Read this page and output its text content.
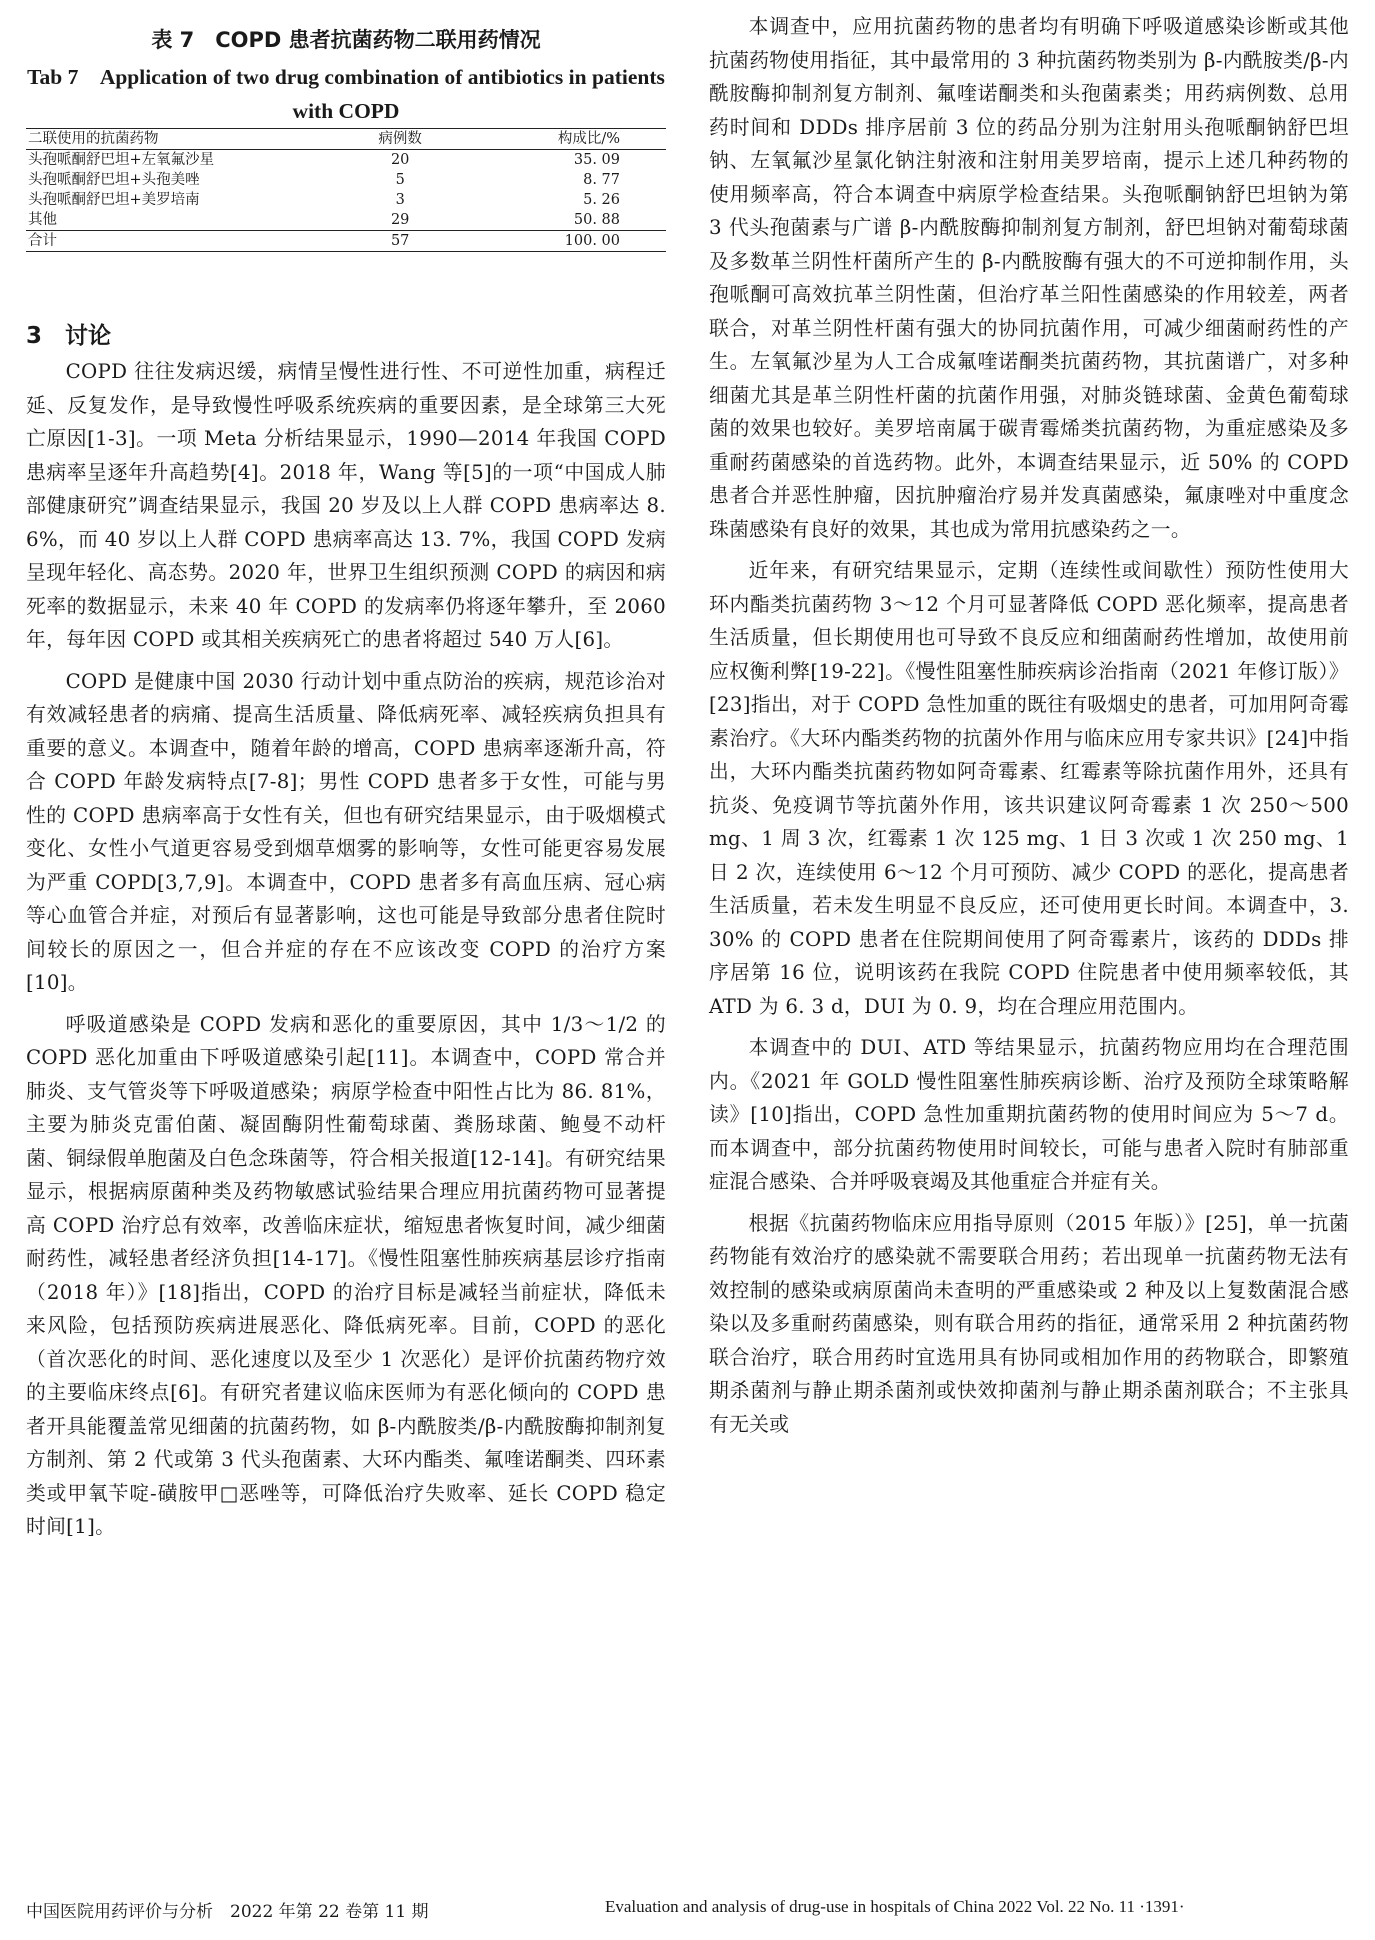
表 7　COPD 患者抗菌药物二联用药情况
Tab 7　Application of two drug combination of antibiotics in patients with COPD
二联使用的抗菌药物	病例数	构成比/%
头孢哌酮舒巴坦+左氧氟沙星	20	35. 09
头孢哌酮舒巴坦+头孢美唑	5	8. 77
头孢哌酮舒巴坦+美罗培南	3	5. 26
其他	29	50. 88
合计	57	100. 00
3　讨论

COPD 往往发病迟缓，病情呈慢性进行性、不可逆性加重，病程迁延、反复发作，是导致慢性呼吸系统疾病的重要因素，是全球第三大死亡原因[1-3]。一项 Meta 分析结果显示，1990—2014 年我国 COPD 患病率呈逐年升高趋势[4]。2018 年，Wang 等[5]的一项“中国成人肺部健康研究”调查结果显示，我国 20 岁及以上人群 COPD 患病率达 8. 6%，而 40 岁以上人群 COPD 患病率高达 13. 7%，我国 COPD 发病呈现年轻化、高态势。2020 年，世界卫生组织预测 COPD 的病因和病死率的数据显示，未来 40 年 COPD 的发病率仍将逐年攀升，至 2060 年，每年因 COPD 或其相关疾病死亡的患者将超过 540 万人[6]。

COPD 是健康中国 2030 行动计划中重点防治的疾病，规范诊治对有效减轻患者的病痛、提高生活质量、降低病死率、减轻疾病负担具有重要的意义。本调查中，随着年龄的增高，COPD 患病率逐渐升高，符合 COPD 年龄发病特点[7-8]；男性 COPD 患者多于女性，可能与男性的 COPD 患病率高于女性有关，但也有研究结果显示，由于吸烟模式变化、女性小气道更容易受到烟草烟雾的影响等，女性可能更容易发展为严重 COPD[3,7,9]。本调查中，COPD 患者多有高血压病、冠心病等心血管合并症，对预后有显著影响，这也可能是导致部分患者住院时间较长的原因之一，但合并症的存在不应该改变 COPD 的治疗方案[10]。

呼吸道感染是 COPD 发病和恶化的重要原因，其中 1/3～1/2 的 COPD 恶化加重由下呼吸道感染引起[11]。本调查中，COPD 常合并肺炎、支气管炎等下呼吸道感染；病原学检查中阳性占比为 86. 81%，主要为肺炎克雷伯菌、凝固酶阴性葡萄球菌、粪肠球菌、鲍曼不动杆菌、铜绿假单胞菌及白色念珠菌等，符合相关报道[12-14]。有研究结果显示，根据病原菌种类及药物敏感试验结果合理应用抗菌药物可显著提高 COPD 治疗总有效率，改善临床症状，缩短患者恢复时间，减少细菌耐药性，减轻患者经济负担[14-17]。《慢性阻塞性肺疾病基层诊疗指南（2018 年）》[18]指出，COPD 的治疗目标是减轻当前症状，降低未来风险，包括预防疾病进展恶化、降低病死率。目前，COPD 的恶化（首次恶化的时间、恶化速度以及至少 1 次恶化）是评价抗菌药物疗效的主要临床终点[6]。有研究者建议临床医师为有恶化倾向的 COPD 患者开具能覆盖常见细菌的抗菌药物，如 β-内酰胺类/β-内酰胺酶抑制剂复方制剂、第 2 代或第 3 代头孢菌素、大环内酯类、氟喹诺酮类、四环素类或甲氧苄啶-磺胺甲□恶唑等，可降低治疗失败率、延长 COPD 稳定时间[1]。

本调查中，应用抗菌药物的患者均有明确下呼吸道感染诊断或其他抗菌药物使用指征，其中最常用的 3 种抗菌药物类别为 β-内酰胺类/β-内酰胺酶抑制剂复方制剂、氟喹诺酮类和头孢菌素类；用药病例数、总用药时间和 DDDs 排序居前 3 位的药品分别为注射用头孢哌酮钠舒巴坦钠、左氧氟沙星氯化钠注射液和注射用美罗培南，提示上述几种药物的使用频率高，符合本调查中病原学检查结果。头孢哌酮钠舒巴坦钠为第 3 代头孢菌素与广谱 β-内酰胺酶抑制剂复方制剂，舒巴坦钠对葡萄球菌及多数革兰阴性杆菌所产生的 β-内酰胺酶有强大的不可逆抑制作用，头孢哌酮可高效抗革兰阴性菌，但治疗革兰阳性菌感染的作用较差，两者联合，对革兰阴性杆菌有强大的协同抗菌作用，可减少细菌耐药性的产生。左氧氟沙星为人工合成氟喹诺酮类抗菌药物，其抗菌谱广，对多种细菌尤其是革兰阴性杆菌的抗菌作用强，对肺炎链球菌、金黄色葡萄球菌的效果也较好。美罗培南属于碳青霉烯类抗菌药物，为重症感染及多重耐药菌感染的首选药物。此外，本调查结果显示，近 50% 的 COPD 患者合并恶性肿瘤，因抗肿瘤治疗易并发真菌感染，氟康唑对中重度念珠菌感染有良好的效果，其也成为常用抗感染药之一。

近年来，有研究结果显示，定期（连续性或间歇性）预防性使用大环内酯类抗菌药物 3～12 个月可显著降低 COPD 恶化频率，提高患者生活质量，但长期使用也可导致不良反应和细菌耐药性增加，故使用前应权衡利弊[19-22]。《慢性阻塞性肺疾病诊治指南（2021 年修订版）》[23]指出，对于 COPD 急性加重的既往有吸烟史的患者，可加用阿奇霉素治疗。《大环内酯类药物的抗菌外作用与临床应用专家共识》[24]中指出，大环内酯类抗菌药物如阿奇霉素、红霉素等除抗菌作用外，还具有抗炎、免疫调节等抗菌外作用，该共识建议阿奇霉素 1 次 250～500 mg、1 周 3 次，红霉素 1 次 125 mg、1 日 3 次或 1 次 250 mg、1 日 2 次，连续使用 6～12 个月可预防、减少 COPD 的恶化，提高患者生活质量，若未发生明显不良反应，还可使用更长时间。本调查中，3. 30% 的 COPD 患者在住院期间使用了阿奇霉素片，该药的 DDDs 排序居第 16 位，说明该药在我院 COPD 住院患者中使用频率较低，其 ATD 为 6. 3 d，DUI 为 0. 9，均在合理应用范围内。

本调查中的 DUI、ATD 等结果显示，抗菌药物应用均在合理范围内。《2021 年 GOLD 慢性阻塞性肺疾病诊断、治疗及预防全球策略解读》[10]指出，COPD 急性加重期抗菌药物的使用时间应为 5～7 d。而本调查中，部分抗菌药物使用时间较长，可能与患者入院时有肺部重症混合感染、合并呼吸衰竭及其他重症合并症有关。

根据《抗菌药物临床应用指导原则（2015 年版）》[25]，单一抗菌药物能有效治疗的感染就不需要联合用药；若出现单一抗菌药物无法有效控制的感染或病原菌尚未查明的严重感染或 2 种及以上复数菌混合感染以及多重耐药菌感染，则有联合用药的指征，通常采用 2 种抗菌药物联合治疗，联合用药时宜选用具有协同或相加作用的药物联合，即繁殖期杀菌剂与静止期杀菌剂或快效抑菌剂与静止期杀菌剂联合；不主张具有无关或

中国医院用药评价与分析　2022 年第 22 卷第 11 期	Evaluation and analysis of drug-use in hospitals of China 2022 Vol. 22 No. 11 ·1391·
